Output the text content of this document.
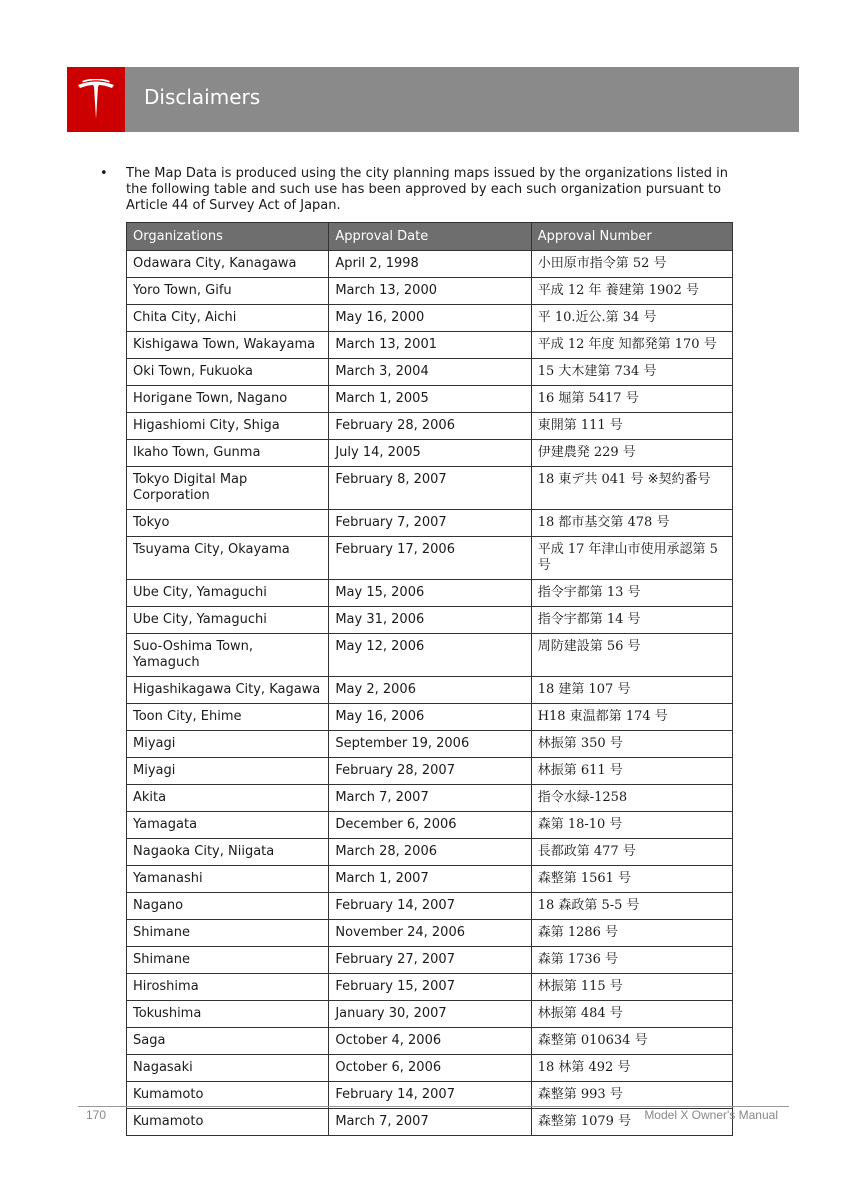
Disclaimers
• The Map Data is produced using the city planning maps issued by the organizations listed in the following table and such use has been approved by each such organization pursuant to Article 44 of Survey Act of Japan.
Organizations	Approval Date	Approval Number
Odawara City, Kanagawa	April 2, 1998	小田原市指令第 52 号
Yoro Town, Gifu	March 13, 2000	平成 12 年 養建第 1902 号
Chita City, Aichi	May 16, 2000	平 10.近公.第 34 号
Kishigawa Town, Wakayama	March 13, 2001	平成 12 年度 知都発第 170 号
Oki Town, Fukuoka	March 3, 2004	15 大木建第 734 号
Horigane Town, Nagano	March 1, 2005	16 堀第 5417 号
Higashiomi City, Shiga	February 28, 2006	東開第 111 号
Ikaho Town, Gunma	July 14, 2005	伊建農発 229 号
Tokyo Digital Map Corporation	February 8, 2007	18 東デ共 041 号 ※契約番号
Tokyo	February 7, 2007	18 都市基交第 478 号
Tsuyama City, Okayama	February 17, 2006	平成 17 年津山市使用承認第 5 号
Ube City, Yamaguchi	May 15, 2006	指令宇都第 13 号
Ube City, Yamaguchi	May 31, 2006	指令宇都第 14 号
Suo-Oshima Town, Yamaguch	May 12, 2006	周防建設第 56 号
Higashikagawa City, Kagawa	May 2, 2006	18 建第 107 号
Toon City, Ehime	May 16, 2006	H18 東温都第 174 号
Miyagi	September 19, 2006	林振第 350 号
Miyagi	February 28, 2007	林振第 611 号
Akita	March 7, 2007	指令水緑-1258
Yamagata	December 6, 2006	森第 18-10 号
Nagaoka City, Niigata	March 28, 2006	長都政第 477 号
Yamanashi	March 1, 2007	森整第 1561 号
Nagano	February 14, 2007	18 森政第 5-5 号
Shimane	November 24, 2006	森第 1286 号
Shimane	February 27, 2007	森第 1736 号
Hiroshima	February 15, 2007	林振第 115 号
Tokushima	January 30, 2007	林振第 484 号
Saga	October 4, 2006	森整第 010634 号
Nagasaki	October 6, 2006	18 林第 492 号
Kumamoto	February 14, 2007	森整第 993 号
Kumamoto	March 7, 2007	森整第 1079 号
170	Model X Owner's Manual
